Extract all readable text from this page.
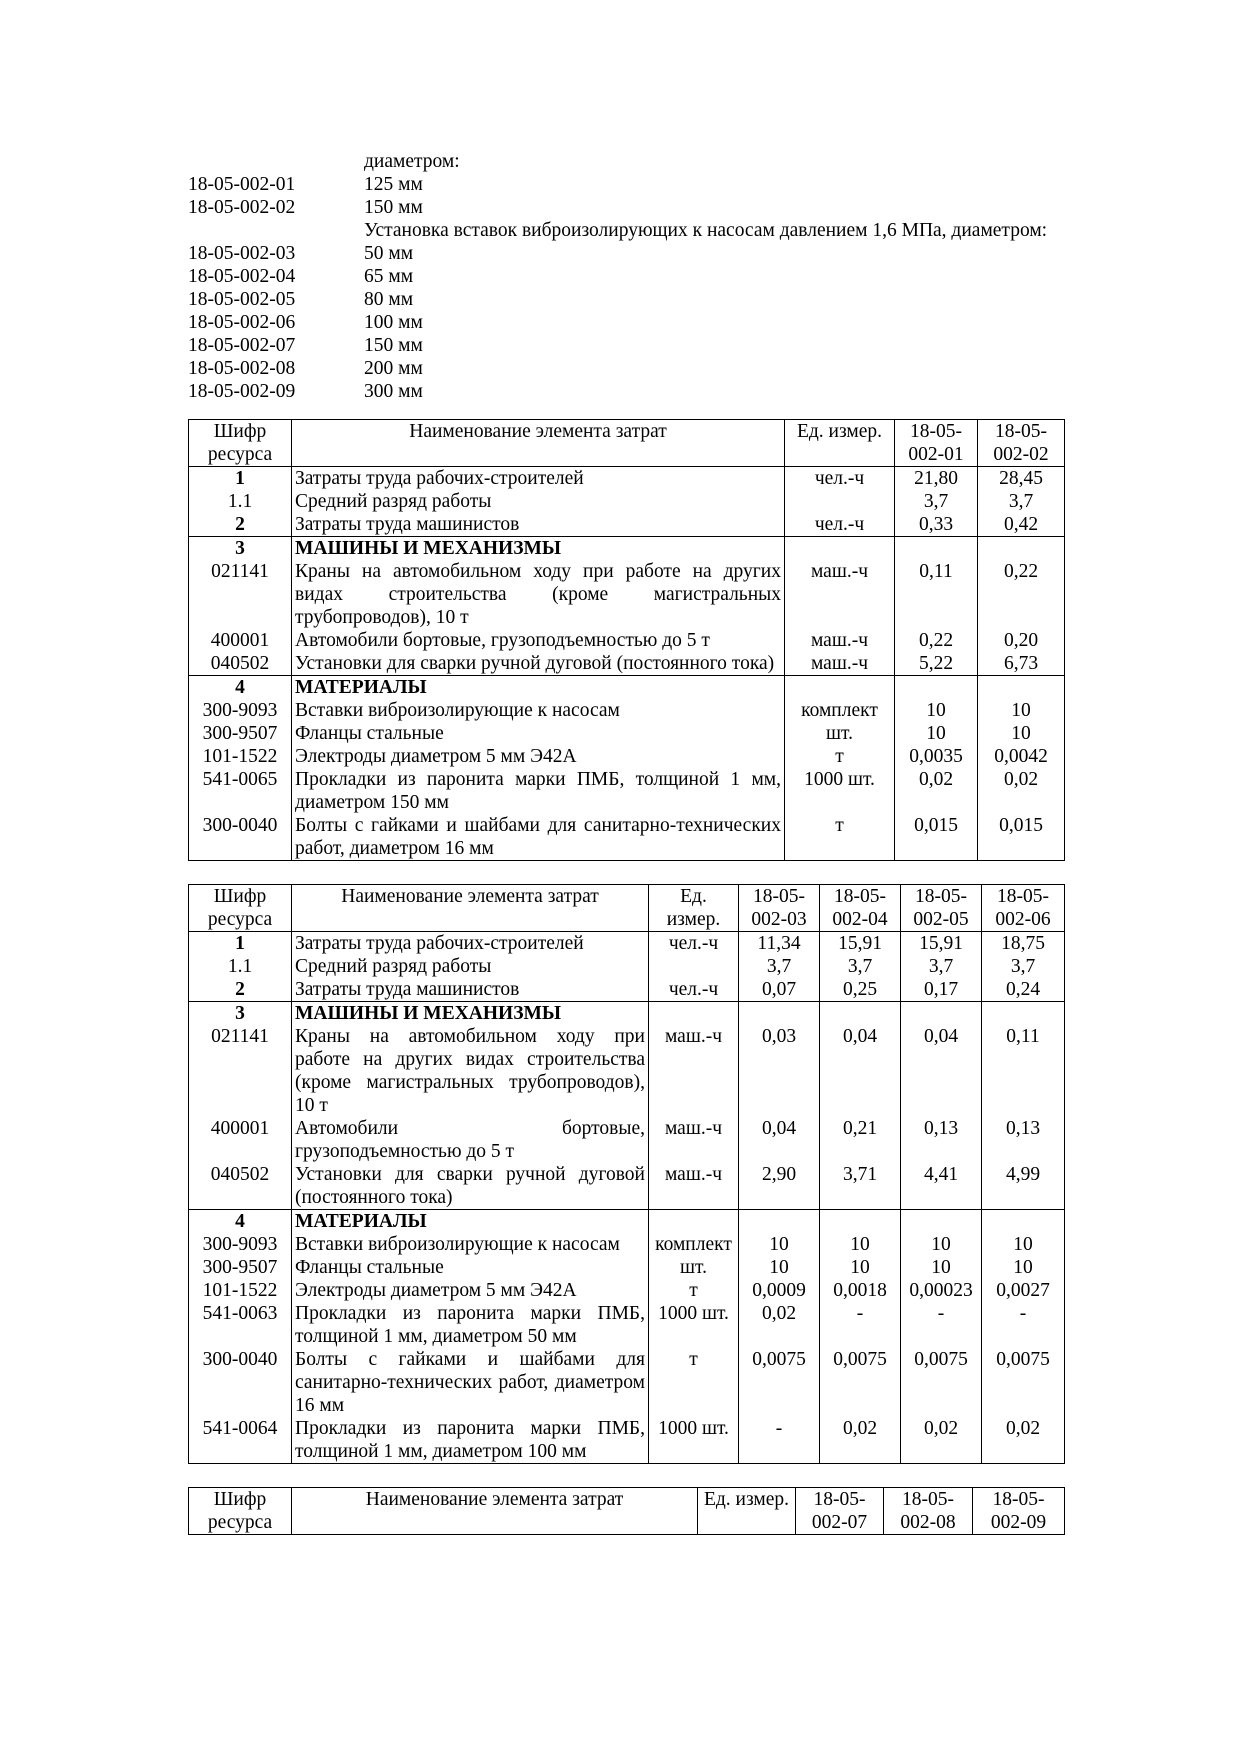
	диаметром:
18-05-002-01	125 мм
18-05-002-02	150 мм
	Установка вставок виброизолирующих к насосам давлением 1,6 МПа, диаметром:
18-05-002-03	50 мм
18-05-002-04	65 мм
18-05-002-05	80 мм
18-05-002-06	100 мм
18-05-002-07	150 мм
18-05-002-08	200 мм
18-05-002-09	300 мм
Шифр ресурса	Наименование элемента затрат	Ед. измер.	18-05-002-01	18-05-002-02
1	Затраты труда рабочих-строителей	чел.-ч	21,80	28,45
1.1	Средний разряд работы		3,7	3,7
2	Затраты труда машинистов	чел.-ч	0,33	0,42
3	МАШИНЫ И МЕХАНИЗМЫ			
021141	Краны на автомобильном ходу при работе на других видах строительства (кроме магистральных трубопроводов), 10 т	маш.-ч	0,11	0,22
400001	Автомобили бортовые, грузоподъемностью до 5 т	маш.-ч	0,22	0,20
040502	Установки для сварки ручной дуговой (постоянного тока)	маш.-ч	5,22	6,73
4	МАТЕРИАЛЫ			
300-9093	Вставки виброизолирующие к насосам	комплект	10	10
300-9507	Фланцы стальные	шт.	10	10
101-1522	Электроды диаметром 5 мм Э42А	т	0,0035	0,0042
541-0065	Прокладки из паронита марки ПМБ, толщиной 1 мм, диаметром 150 мм	1000 шт.	0,02	0,02
300-0040	Болты с гайками и шайбами для санитарно-технических работ, диаметром 16 мм	т	0,015	0,015
Шифр ресурса	Наименование элемента затрат	Ед. измер.	18-05-002-03	18-05-002-04	18-05-002-05	18-05-002-06
1	Затраты труда рабочих-строителей	чел.-ч	11,34	15,91	15,91	18,75
1.1	Средний разряд работы		3,7	3,7	3,7	3,7
2	Затраты труда машинистов	чел.-ч	0,07	0,25	0,17	0,24
3	МАШИНЫ И МЕХАНИЗМЫ					
021141	Краны на автомобильном ходу при работе на других видах строительства (кроме магистральных трубопроводов), 10 т	маш.-ч	0,03	0,04	0,04	0,11
400001	Автомобили бортовые, грузоподъемностью до 5 т	маш.-ч	0,04	0,21	0,13	0,13
040502	Установки для сварки ручной дуговой (постоянного тока)	маш.-ч	2,90	3,71	4,41	4,99
4	МАТЕРИАЛЫ					
300-9093	Вставки виброизолирующие к насосам	комплект	10	10	10	10
300-9507	Фланцы стальные	шт.	10	10	10	10
101-1522	Электроды диаметром 5 мм Э42А	т	0,0009	0,0018	0,00023	0,0027
541-0063	Прокладки из паронита марки ПМБ, толщиной 1 мм, диаметром 50 мм	1000 шт.	0,02	-	-	-
300-0040	Болты с гайками и шайбами для санитарно-технических работ, диаметром 16 мм	т	0,0075	0,0075	0,0075	0,0075
541-0064	Прокладки из паронита марки ПМБ, толщиной 1 мм, диаметром 100 мм	1000 шт.	-	0,02	0,02	0,02
Шифр ресурса	Наименование элемента затрат	Ед. измер.	18-05-002-07	18-05-002-08	18-05-002-09
